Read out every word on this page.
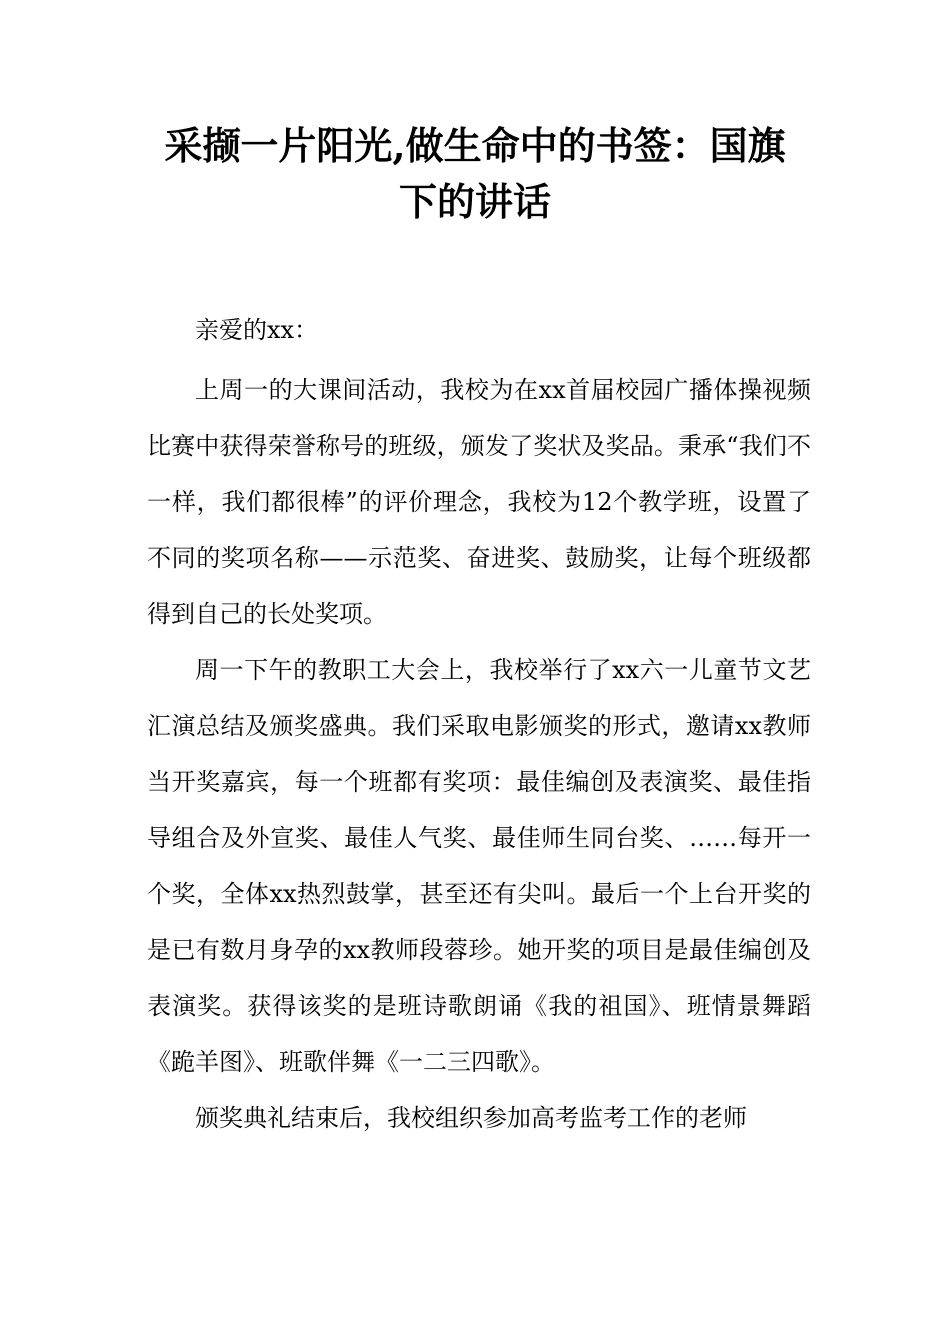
采撷一片阳光,做生命中的书签：国旗
下的讲话

亲爱的xx：

上周一的大课间活动，我校为在xx首届校园广播体操视频比赛中获得荣誉称号的班级，颁发了奖状及奖品。秉承“我们不一样，我们都很棒”的评价理念，我校为12个教学班，设置了不同的奖项名称——示范奖、奋进奖、鼓励奖，让每个班级都得到自己的长处奖项。

周一下午的教职工大会上，我校举行了xx六一儿童节文艺汇演总结及颁奖盛典。我们采取电影颁奖的形式，邀请xx教师当开奖嘉宾，每一个班都有奖项：最佳编创及表演奖、最佳指导组合及外宣奖、最佳人气奖、最佳师生同台奖、……每开一个奖，全体xx热烈鼓掌，甚至还有尖叫。最后一个上台开奖的是已有数月身孕的xx教师段蓉珍。她开奖的项目是最佳编创及表演奖。获得该奖的是班诗歌朗诵《我的祖国》、班情景舞蹈《跪羊图》、班歌伴舞《一二三四歌》。

颁奖典礼结束后，我校组织参加高考监考工作的老师
